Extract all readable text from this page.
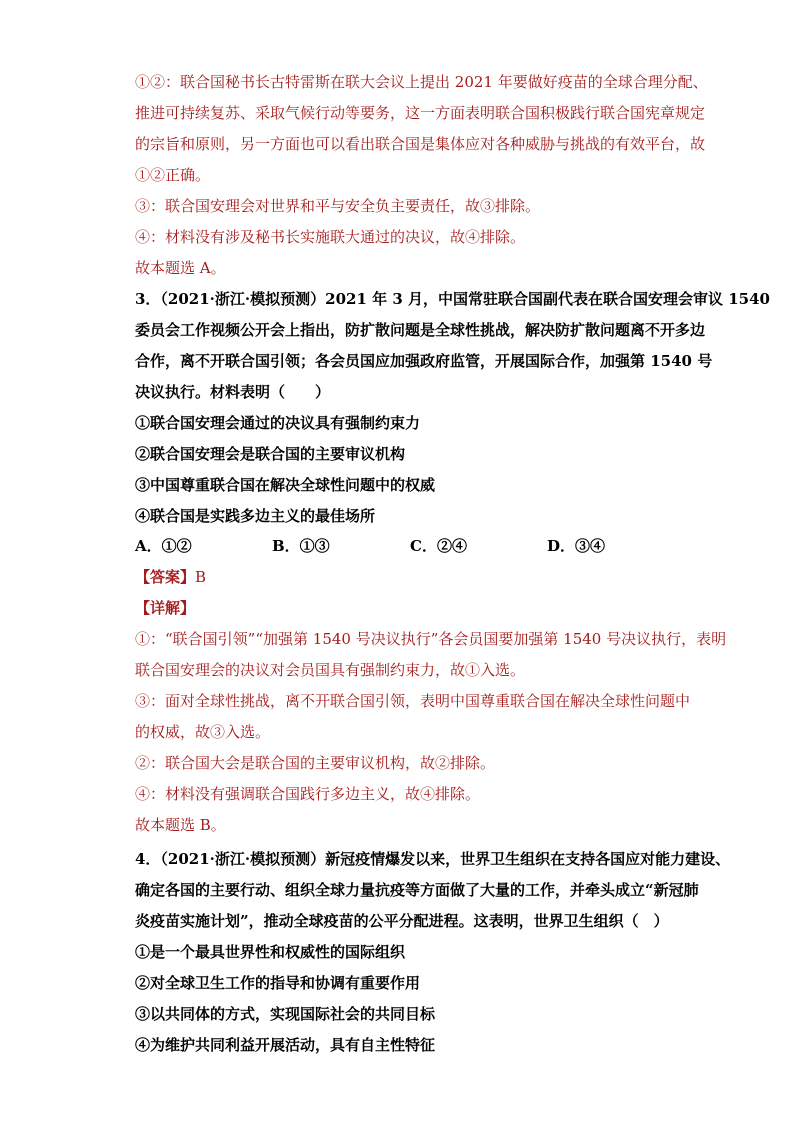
①②：联合国秘书长古特雷斯在联大会议上提出 2021 年要做好疫苗的全球合理分配、
推进可持续复苏、采取气候行动等要务，这一方面表明联合国积极践行联合国宪章规定
的宗旨和原则，另一方面也可以看出联合国是集体应对各种威胁与挑战的有效平台，故
①②正确。
③：联合国安理会对世界和平与安全负主要责任，故③排除。
④：材料没有涉及秘书长实施联大通过的决议，故④排除。
故本题选 A。
3．（2021·浙江·模拟预测）2021 年 3 月，中国常驻联合国副代表在联合国安理会审议 1540
委员会工作视频公开会上指出，防扩散问题是全球性挑战，解决防扩散问题离不开多边
合作，离不开联合国引领；各会员国应加强政府监管，开展国际合作，加强第 1540 号
决议执行。材料表明（　　）
①联合国安理会通过的决议具有强制约束力
②联合国安理会是联合国的主要审议机构
③中国尊重联合国在解决全球性问题中的权威
④联合国是实践多边主义的最佳场所
A．①②	B．①③	C．②④	D．③④
【答案】B
【详解】
①：“联合国引领”“加强第 1540 号决议执行”各会员国要加强第 1540 号决议执行，表明
联合国安理会的决议对会员国具有强制约束力，故①入选。
③：面对全球性挑战，离不开联合国引领，表明中国尊重联合国在解决全球性问题中
的权威，故③入选。
②：联合国大会是联合国的主要审议机构，故②排除。
④：材料没有强调联合国践行多边主义，故④排除。
故本题选 B。
4．（2021·浙江·模拟预测）新冠疫情爆发以来，世界卫生组织在支持各国应对能力建设、
确定各国的主要行动、组织全球力量抗疫等方面做了大量的工作，并牵头成立“新冠肺
炎疫苗实施计划”，推动全球疫苗的公平分配进程。这表明，世界卫生组织（　）
①是一个最具世界性和权威性的国际组织
②对全球卫生工作的指导和协调有重要作用
③以共同体的方式，实现国际社会的共同目标
④为维护共同利益开展活动，具有自主性特征
